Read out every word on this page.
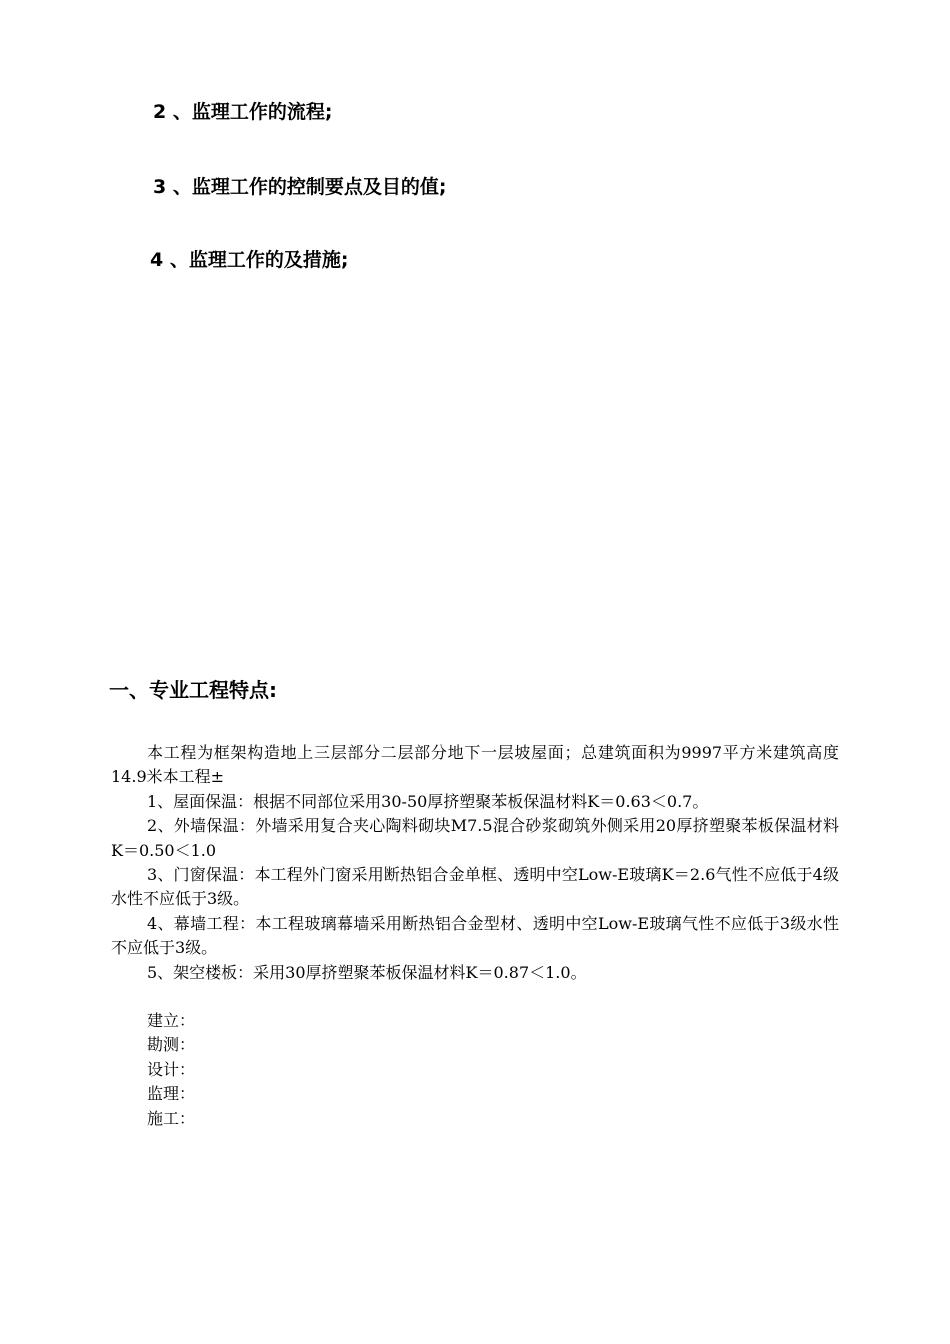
2 、监理工作的流程;
3 、监理工作的控制要点及目的值;
4 、监理工作的及措施;
一、专业工程特点:

本工程为框架构造地上三层部分二层部分地下一层坡屋面；总建筑面积为9997平方米建筑高度14.9米本工程±

1、屋面保温：根据不同部位采用30-50厚挤塑聚苯板保温材料K＝0.63＜0.7。

2、外墙保温：外墙采用复合夹心陶料砌块M7.5混合砂浆砌筑外侧采用20厚挤塑聚苯板保温材料K＝0.50＜1.0

3、门窗保温：本工程外门窗采用断热铝合金单框、透明中空Low-E玻璃K＝2.6气性不应低于4级水性不应低于3级。

4、幕墙工程：本工程玻璃幕墙采用断热铝合金型材、透明中空Low-E玻璃气性不应低于3级水性不应低于3级。

5、架空楼板：采用30厚挤塑聚苯板保温材料K＝0.87＜1.0。

建立：

勘测：

设计：

监理：

施工：
